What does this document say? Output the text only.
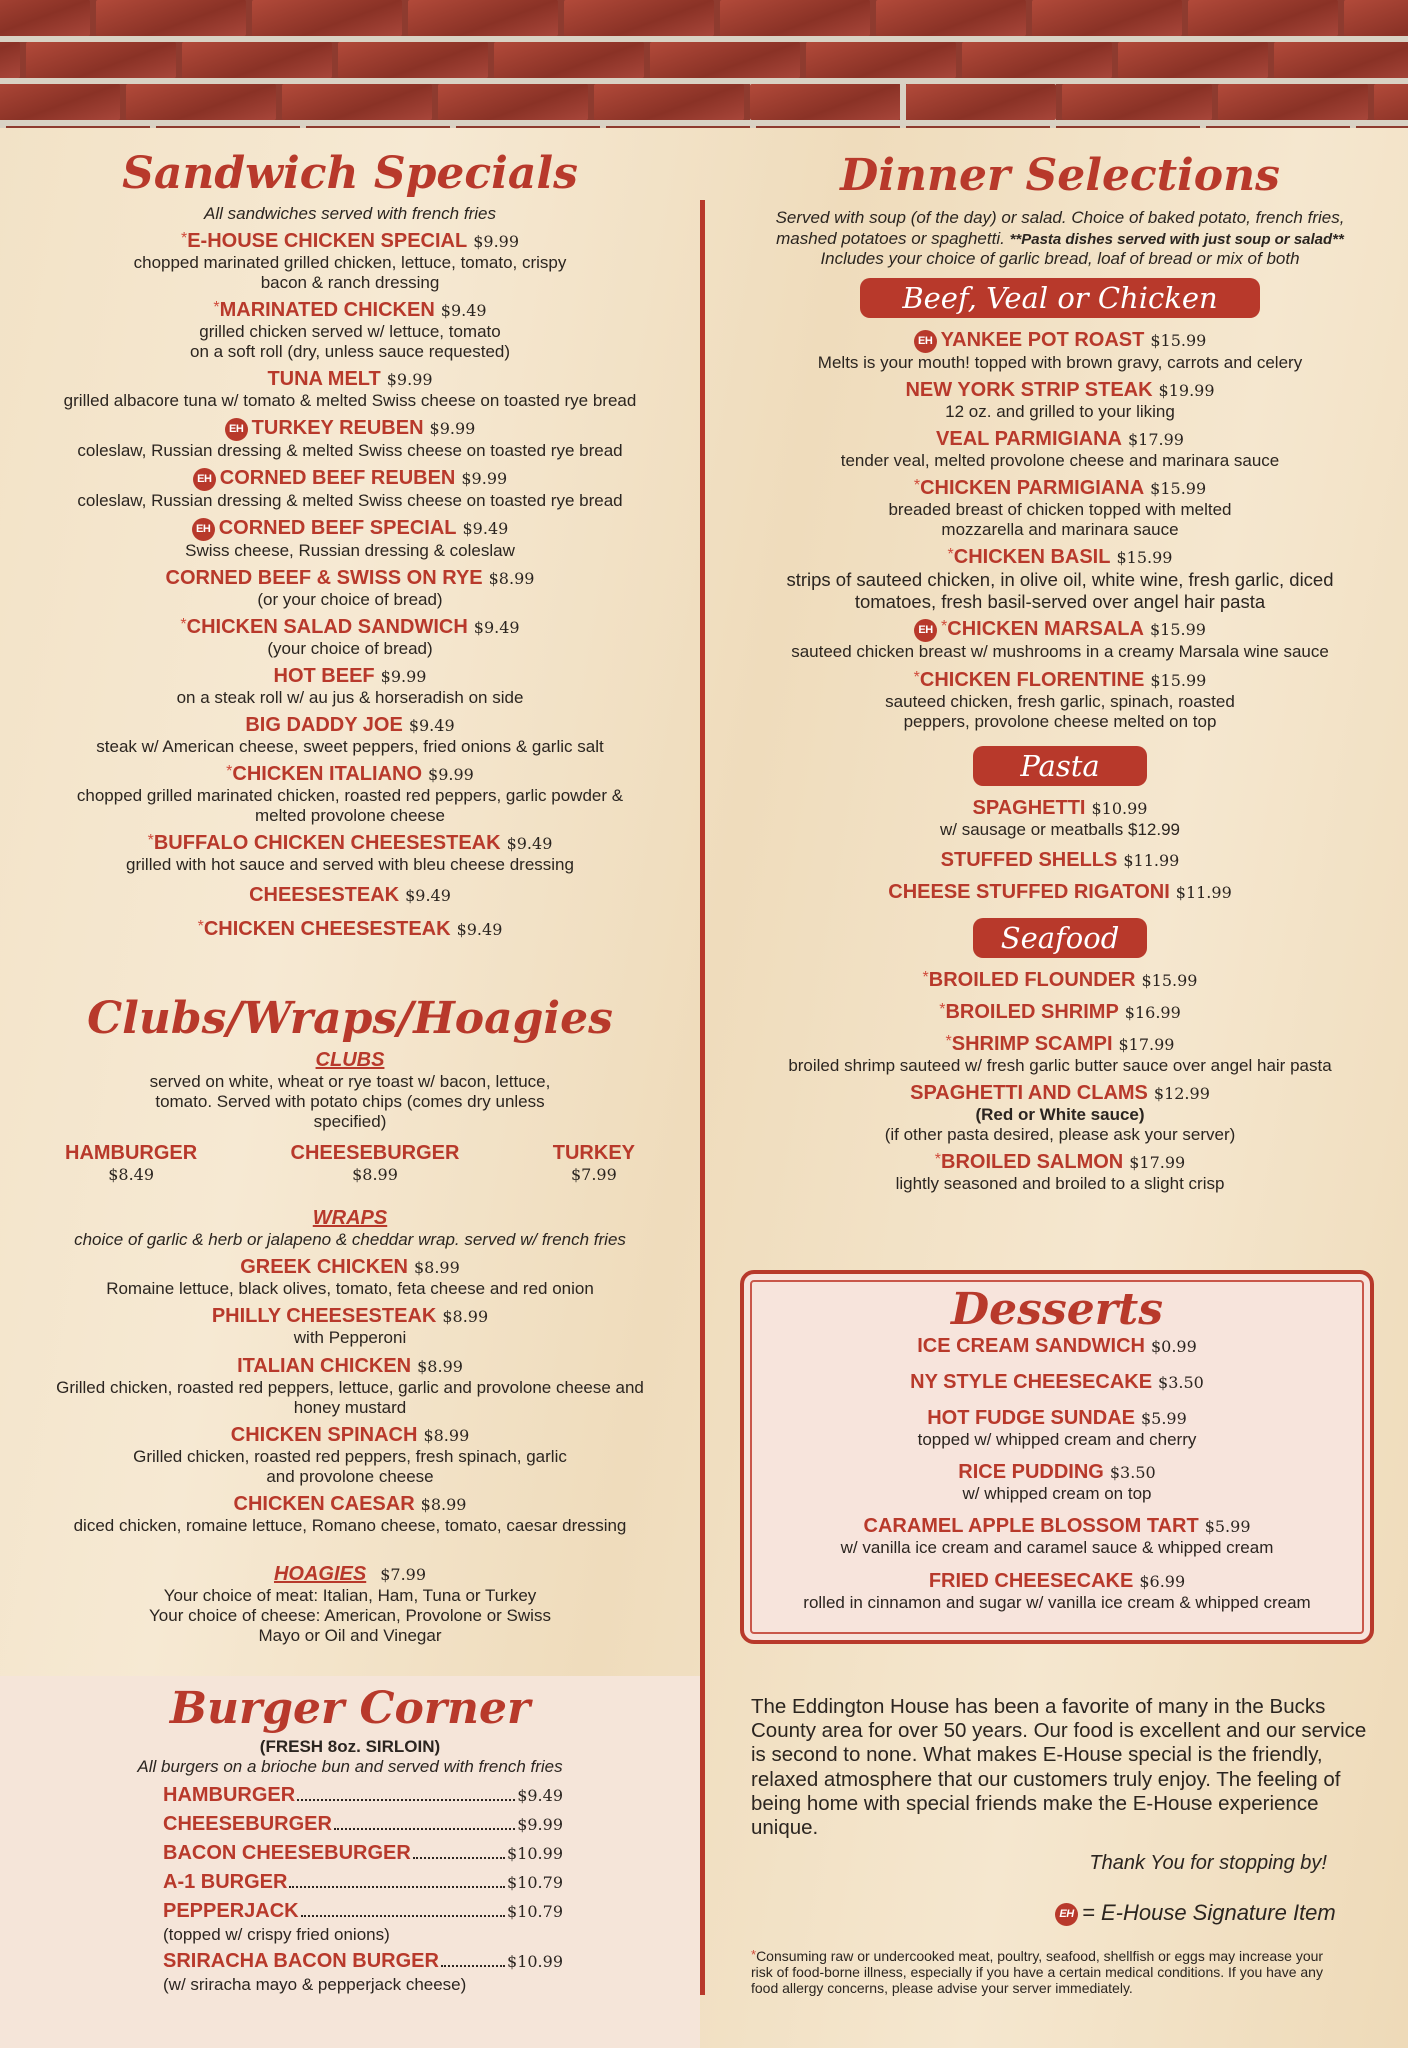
Sandwich Specials
All sandwiches served with french fries
*E-HOUSE CHICKEN SPECIAL $9.99
chopped marinated grilled chicken, lettuce, tomato, crispy bacon & ranch dressing
*MARINATED CHICKEN $9.49
grilled chicken served w/ lettuce, tomato on a soft roll (dry, unless sauce requested)
TUNA MELT $9.99
grilled albacore tuna w/ tomato & melted Swiss cheese on toasted rye bread
EH TURKEY REUBEN $9.99
coleslaw, Russian dressing & melted Swiss cheese on toasted rye bread
EH CORNED BEEF REUBEN $9.99
coleslaw, Russian dressing & melted Swiss cheese on toasted rye bread
EH CORNED BEEF SPECIAL $9.49
Swiss cheese, Russian dressing & coleslaw
CORNED BEEF & SWISS ON RYE $8.99
(or your choice of bread)
*CHICKEN SALAD SANDWICH $9.49
(your choice of bread)
HOT BEEF $9.99
on a steak roll w/ au jus & horseradish on side
BIG DADDY JOE $9.49
steak w/ American cheese, sweet peppers, fried onions & garlic salt
*CHICKEN ITALIANO $9.99
chopped grilled marinated chicken, roasted red peppers, garlic powder & melted provolone cheese
*BUFFALO CHICKEN CHEESESTEAK $9.49
grilled with hot sauce and served with bleu cheese dressing
CHEESESTEAK $9.49
*CHICKEN CHEESESTEAK $9.49
Clubs/Wraps/Hoagies
CLUBS
served on white, wheat or rye toast w/ bacon, lettuce, tomato. Served with potato chips (comes dry unless specified)
HAMBURGER
$8.49
CHEESEBURGER
$8.99
TURKEY
$7.99
WRAPS
choice of garlic & herb or jalapeno & cheddar wrap. served w/ french fries
GREEK CHICKEN $8.99
Romaine lettuce, black olives, tomato, feta cheese and red onion
PHILLY CHEESESTEAK $8.99
with Pepperoni
ITALIAN CHICKEN $8.99
Grilled chicken, roasted red peppers, lettuce, garlic and provolone cheese and honey mustard
CHICKEN SPINACH $8.99
Grilled chicken, roasted red peppers, fresh spinach, garlic and provolone cheese
CHICKEN CAESAR $8.99
diced chicken, romaine lettuce, Romano cheese, tomato, caesar dressing
HOAGIES $7.99
Your choice of meat: Italian, Ham, Tuna or Turkey
Your choice of cheese: American, Provolone or Swiss
Mayo or Oil and Vinegar
Burger Corner
(FRESH 8oz. SIRLOIN)
All burgers on a brioche bun and served with french fries
HAMBURGER	$9.49
CHEESEBURGER	$9.99
BACON CHEESEBURGER	$10.99
A-1 BURGER	$10.79
PEPPERJACK	$10.79
(topped w/ crispy fried onions)
SRIRACHA BACON BURGER	$10.99
(w/ sriracha mayo & pepperjack cheese)
Dinner Selections
Served with soup (of the day) or salad. Choice of baked potato, french fries,
mashed potatoes or spaghetti. **Pasta dishes served with just soup or salad**
Includes your choice of garlic bread, loaf of bread or mix of both
Beef, Veal or Chicken
EH YANKEE POT ROAST $15.99
Melts is your mouth! topped with brown gravy, carrots and celery
NEW YORK STRIP STEAK $19.99
12 oz. and grilled to your liking
VEAL PARMIGIANA $17.99
tender veal, melted provolone cheese and marinara sauce
*CHICKEN PARMIGIANA $15.99
breaded breast of chicken topped with melted mozzarella and marinara sauce
*CHICKEN BASIL $15.99
strips of sauteed chicken, in olive oil, white wine, fresh garlic, diced tomatoes, fresh basil-served over angel hair pasta
EH *CHICKEN MARSALA $15.99
sauteed chicken breast w/ mushrooms in a creamy Marsala wine sauce
*CHICKEN FLORENTINE $15.99
sauteed chicken, fresh garlic, spinach, roasted peppers, provolone cheese melted on top
Pasta
SPAGHETTI $10.99
w/ sausage or meatballs $12.99
STUFFED SHELLS $11.99
CHEESE STUFFED RIGATONI $11.99
Seafood
*BROILED FLOUNDER $15.99
*BROILED SHRIMP $16.99
*SHRIMP SCAMPI $17.99
broiled shrimp sauteed w/ fresh garlic butter sauce over angel hair pasta
SPAGHETTI AND CLAMS $12.99
(Red or White sauce)
(if other pasta desired, please ask your server)
*BROILED SALMON $17.99
lightly seasoned and broiled to a slight crisp
Desserts
ICE CREAM SANDWICH $0.99
NY STYLE CHEESECAKE $3.50
HOT FUDGE SUNDAE $5.99
topped w/ whipped cream and cherry
RICE PUDDING $3.50
w/ whipped cream on top
CARAMEL APPLE BLOSSOM TART $5.99
w/ vanilla ice cream and caramel sauce & whipped cream
FRIED CHEESECAKE $6.99
rolled in cinnamon and sugar w/ vanilla ice cream & whipped cream

The Eddington House has been a favorite of many in the Bucks County area for over 50 years. Our food is excellent and our service is second to none. What makes E-House special is the friendly, relaxed atmosphere that our customers truly enjoy. The feeling of being home with special friends make the E-House experience unique.

Thank You for stopping by!

EH = E-House Signature Item
*Consuming raw or undercooked meat, poultry, seafood, shellfish or eggs may increase your risk of food-borne illness, especially if you have a certain medical conditions. If you have any food allergy concerns, please advise your server immediately.
